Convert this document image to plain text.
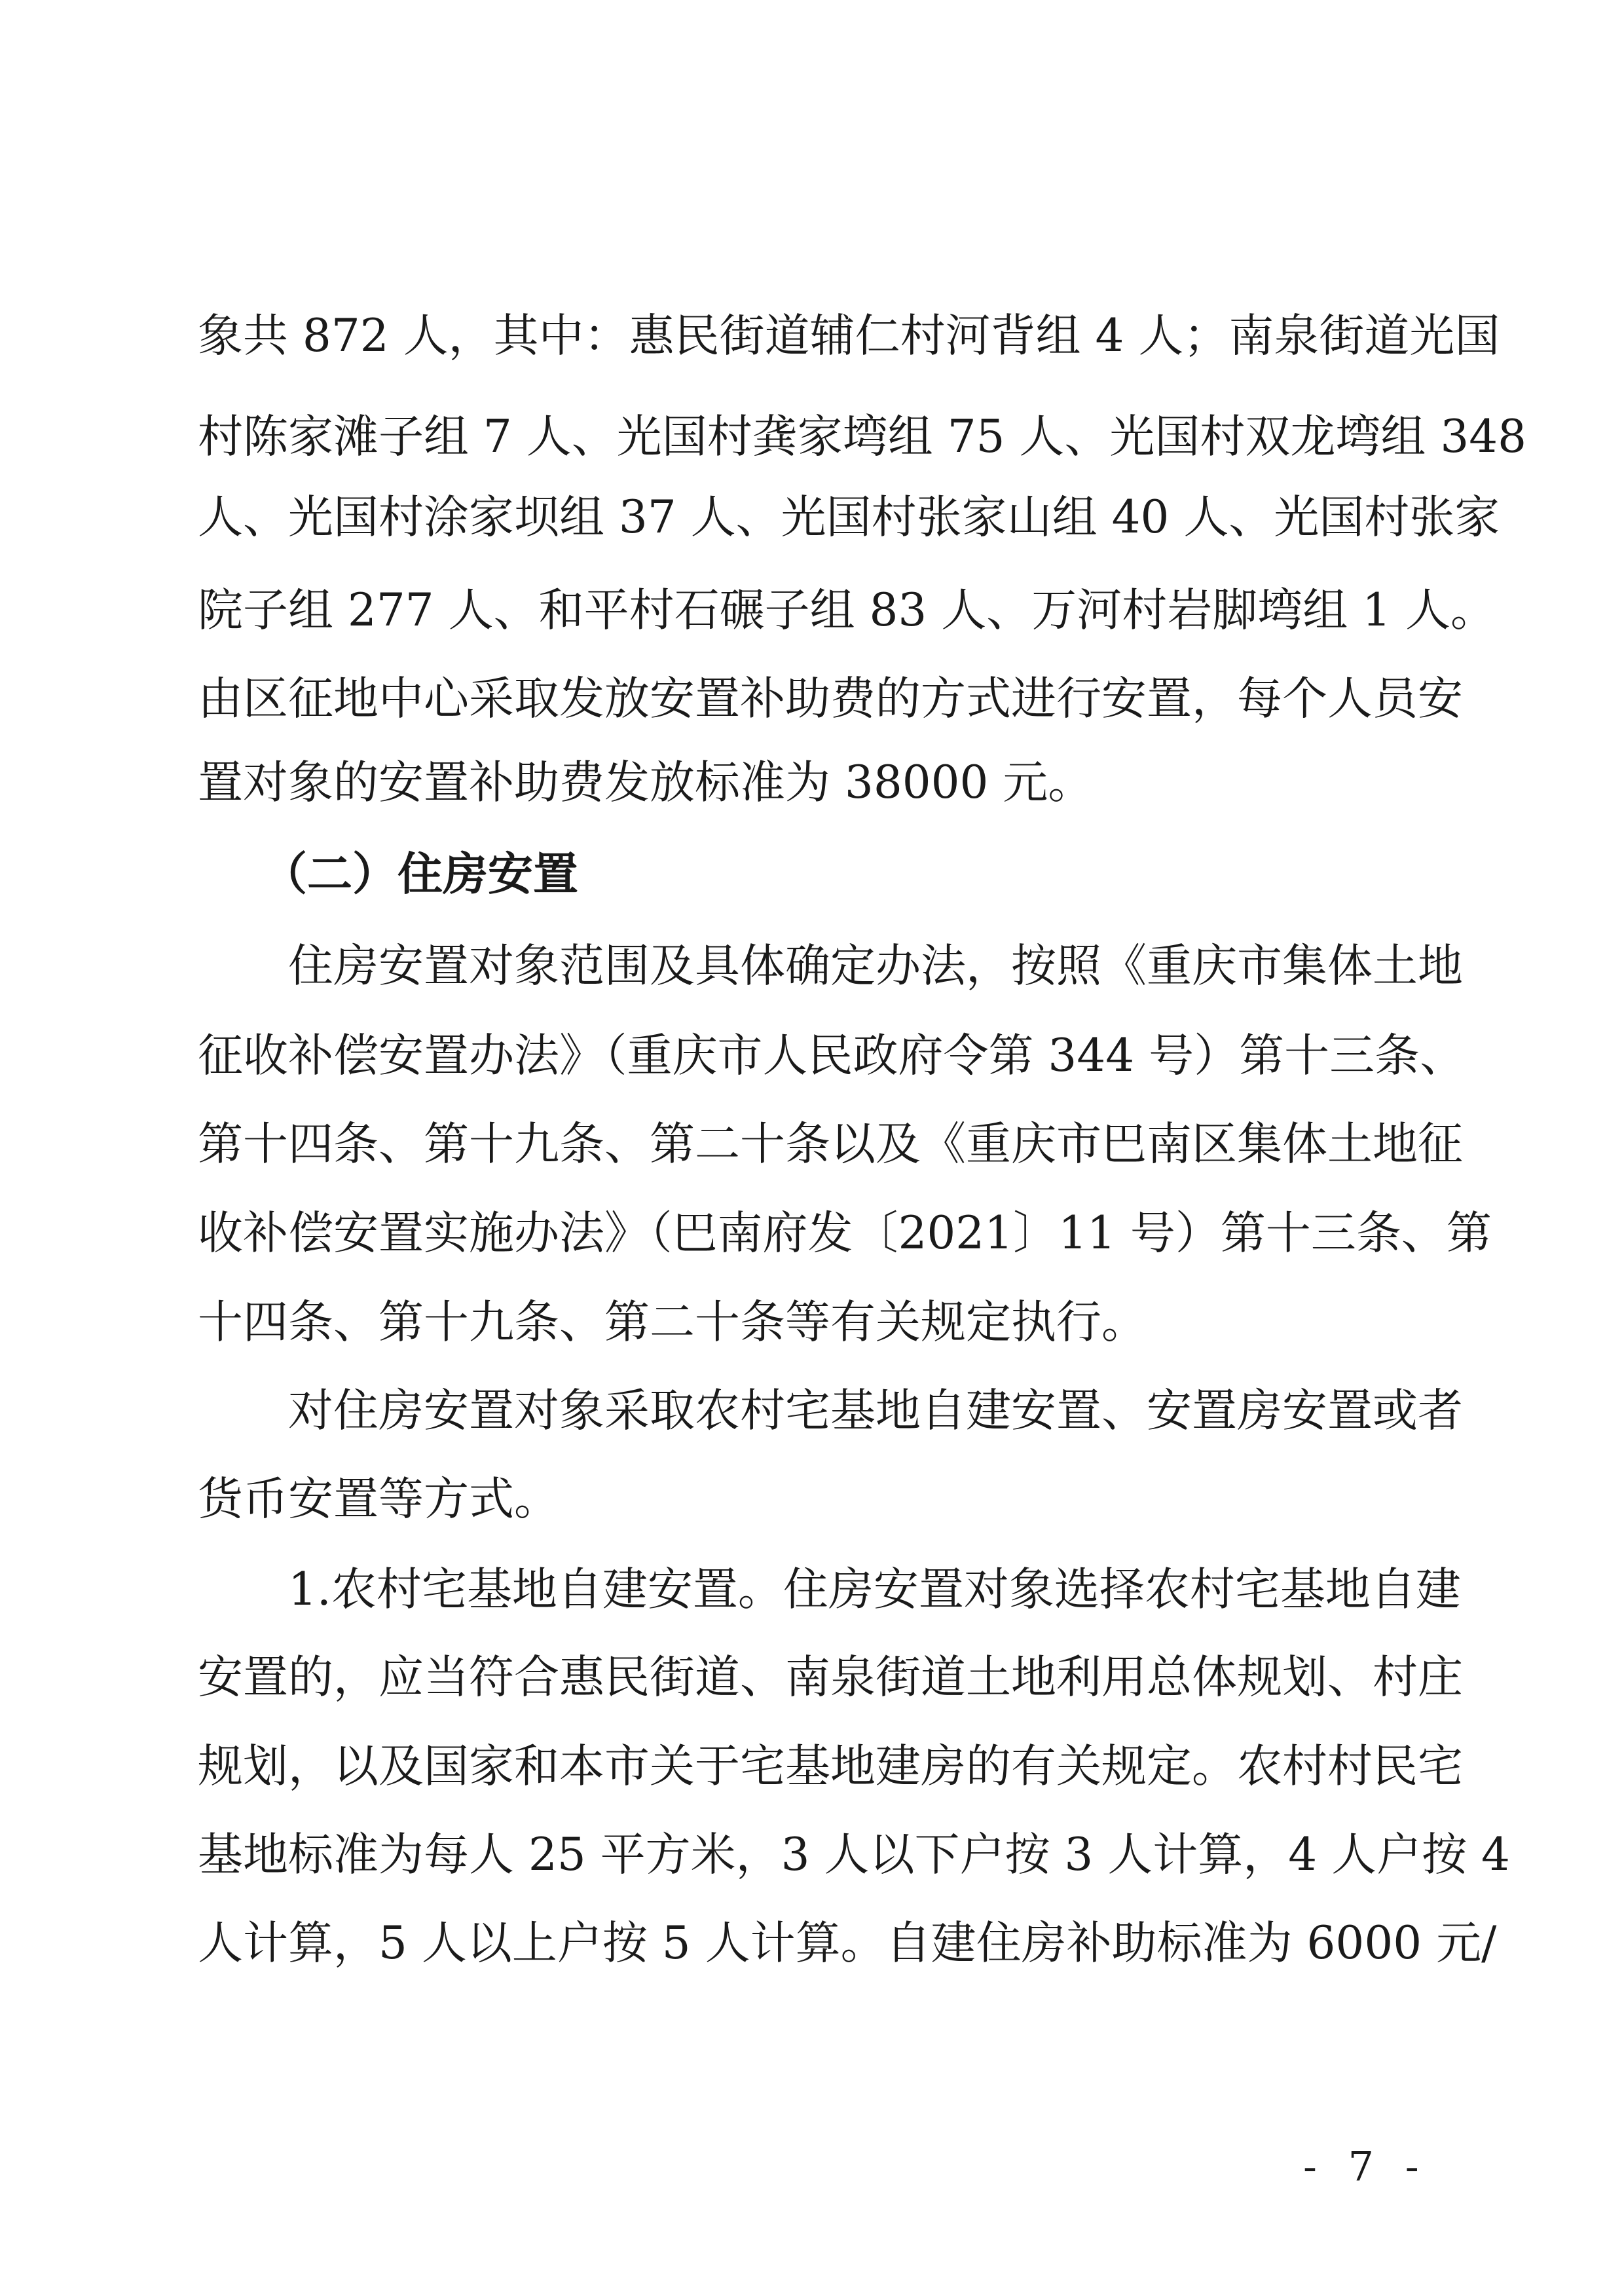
象共 872 人，其中：惠民街道辅仁村河背组 4 人；南泉街道光国
村陈家滩子组 7 人、光国村龚家塆组 75 人、光国村双龙塆组 348
人、光国村涂家坝组 37 人、光国村张家山组 40 人、光国村张家
院子组 277 人、和平村石碾子组 83 人、万河村岩脚塆组 1 人。
由区征地中心采取发放安置补助费的方式进行安置，每个人员安
置对象的安置补助费发放标准为 38000 元。
（二）住房安置
住房安置对象范围及具体确定办法，按照《重庆市集体土地
征收补偿安置办法》（重庆市人民政府令第 344 号）第十三条、
第十四条、第十九条、第二十条以及《重庆市巴南区集体土地征
收补偿安置实施办法》（巴南府发〔2021〕11 号）第十三条、第
十四条、第十九条、第二十条等有关规定执行。
对住房安置对象采取农村宅基地自建安置、安置房安置或者
货币安置等方式。
1.农村宅基地自建安置。住房安置对象选择农村宅基地自建
安置的，应当符合惠民街道、南泉街道土地利用总体规划、村庄
规划，以及国家和本市关于宅基地建房的有关规定。农村村民宅
基地标准为每人 25 平方米，3 人以下户按 3 人计算，4 人户按 4
人计算，5 人以上户按 5 人计算。自建住房补助标准为 6000 元/
- 7 -
